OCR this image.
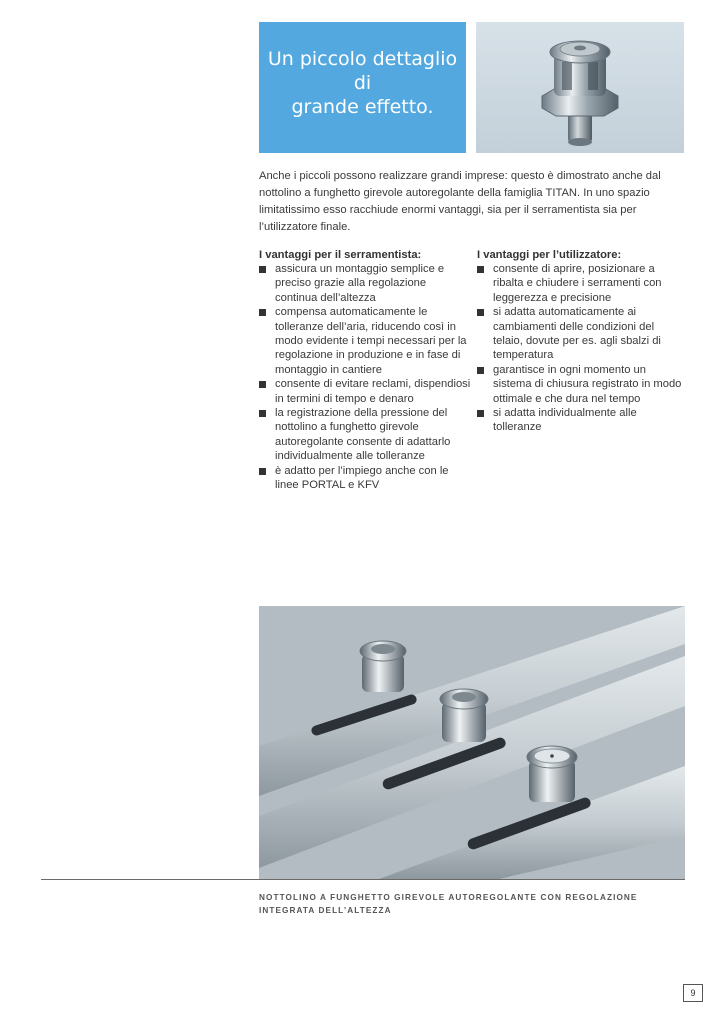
Un piccolo dettaglio di
grande effetto.

Anche i piccoli possono realizzare grandi imprese: questo è dimostrato anche dal nottolino a funghetto girevole autoregolante della famiglia TITAN. In uno spazio limitatissimo esso racchiude enormi vantaggi, sia per il serramentista sia per l’utilizzatore finale.

I vantaggi per il serramentista:
assicura un montaggio semplice e preciso grazie alla regolazione continua dell’altezza
compensa automaticamente le tolleranze dell’aria, riducendo così in modo evidente i tempi necessari per la regolazione in produzione e in fase di montaggio in cantiere
consente di evitare reclami, dispendiosi in termini di tempo e denaro
la registrazione della pressione del nottolino a funghetto girevole autoregolante consente di adattarlo individualmente alle tolleranze
è adatto per l’impiego anche con le linee PORTAL e KFV
I vantaggi per l’utilizzatore:
consente di aprire, posizionare a ribalta e chiudere i serramenti con leggerezza e precisione
si adatta automaticamente ai cambiamenti delle condizioni del telaio, dovute per es. agli sbalzi di temperatura
garantisce in ogni momento un sistema di chiusura registrato in modo ottimale e che dura nel tempo
si adatta individualmente alle tolleranze

NOTTOLINO A FUNGHETTO GIREVOLE AUTOREGOLANTE CON REGOLAZIONE INTEGRATA DELL’ALTEZZA

9
